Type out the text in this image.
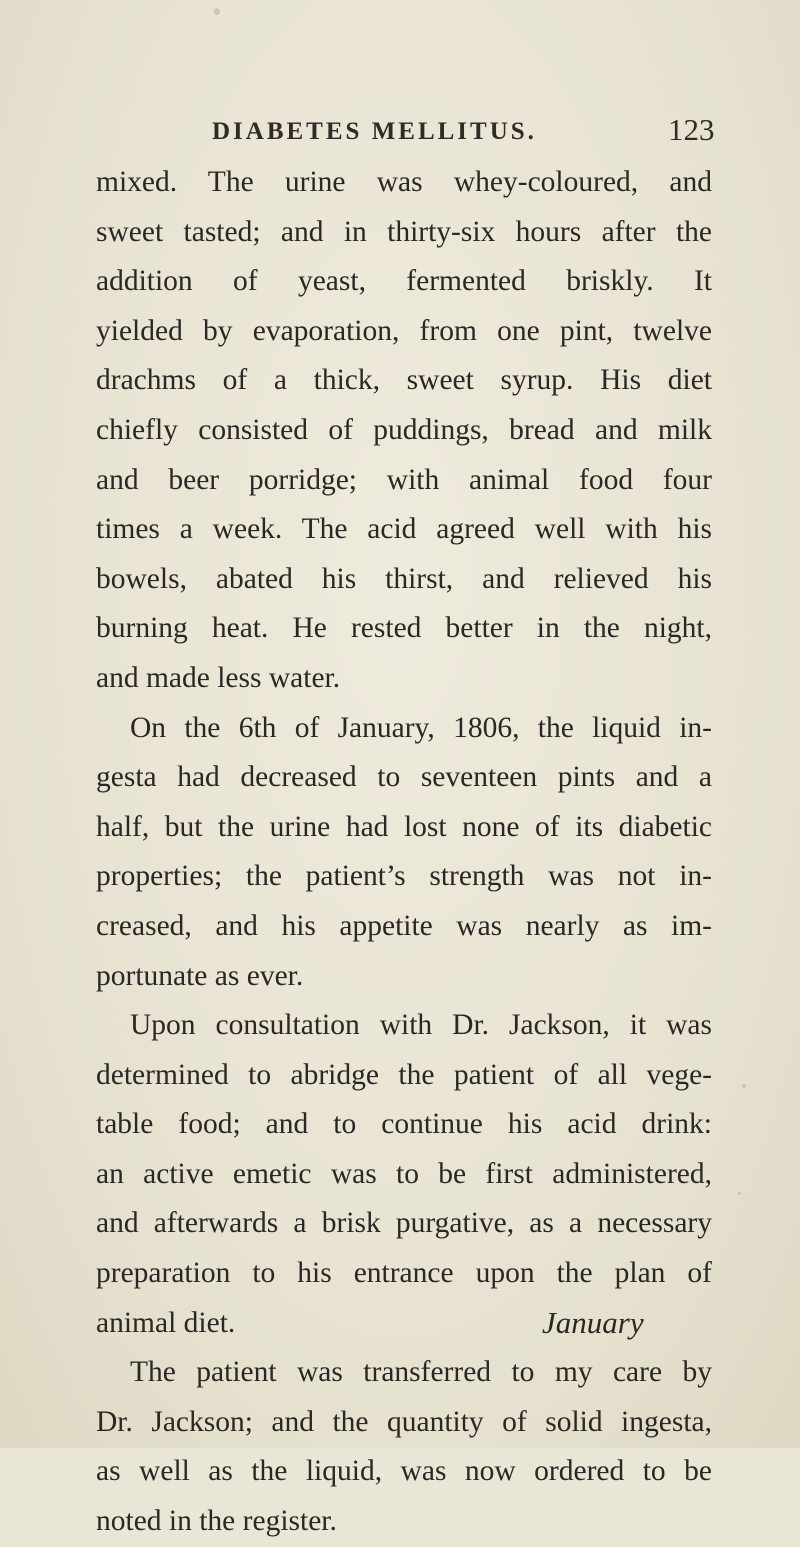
DIABETES MELLITUS.	123
mixed. The urine was whey-coloured, and
sweet tasted; and in thirty-six hours after the
addition of yeast, fermented briskly. It
yielded by evaporation, from one pint, twelve
drachms of a thick, sweet syrup. His diet
chiefly consisted of puddings, bread and milk
and beer porridge; with animal food four
times a week. The acid agreed well with his
bowels, abated his thirst, and relieved his
burning heat. He rested better in the night,
and made less water.
On the 6th of January, 1806, the liquid in-
gesta had decreased to seventeen pints and a
half, but the urine had lost none of its diabetic
properties; the patient’s strength was not in-
creased, and his appetite was nearly as im-
portunate as ever.
Upon consultation with Dr. Jackson, it was
determined to abridge the patient of all vege-
table food; and to continue his acid drink:
an active emetic was to be first administered,
and afterwards a brisk purgative, as a necessary
preparation to his entrance upon the plan of
animal diet.
The patient was transferred to my care by
Dr. Jackson; and the quantity of solid ingesta,
as well as the liquid, was now ordered to be
noted in the register.
January
